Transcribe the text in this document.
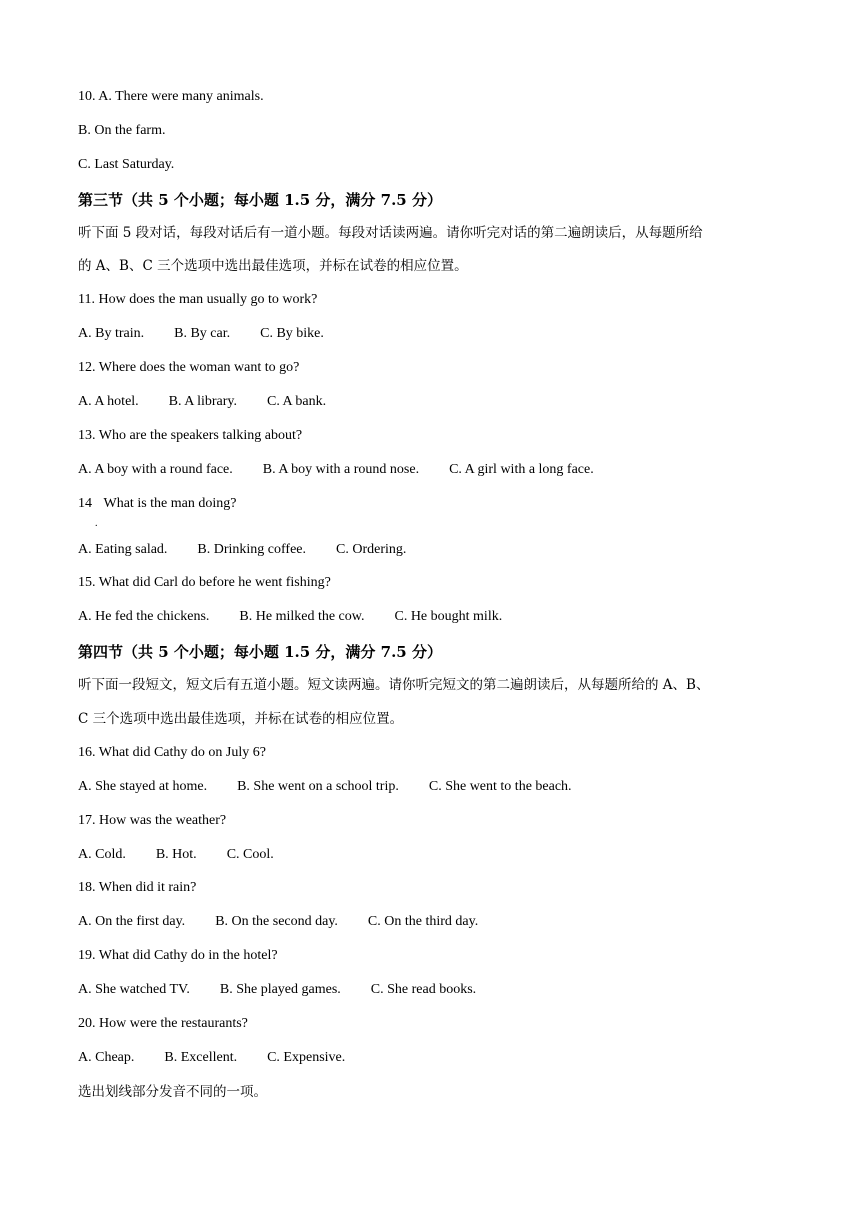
10. A. There were many animals.
B. On the farm.
C. Last Saturday.
第三节（共 5 个小题；每小题 1.5 分，满分 7.5 分）
听下面 5 段对话，每段对话后有一道小题。每段对话读两遍。请你听完对话的第二遍朗读后，从每题所给
的 A、B、C 三个选项中选出最佳选项，并标在试卷的相应位置。
11. How does the man usually go to work?
A. By train. B. By car. C. By bike.
12. Where does the woman want to go?
A. A hotel. B. A library. C. A bank.
13. Who are the speakers talking about?
A. A boy with a round face. B. A boy with a round nose. C. A girl with a long face.
14
.
What is the man doing?
A. Eating salad. B. Drinking coffee. C. Ordering.
15. What did Carl do before he went fishing?
A. He fed the chickens. B. He milked the cow. C. He bought milk.
第四节（共 5 个小题；每小题 1.5 分，满分 7.5 分）
听下面一段短文，短文后有五道小题。短文读两遍。请你听完短文的第二遍朗读后，从每题所给的 A、B、
C 三个选项中选出最佳选项，并标在试卷的相应位置。
16. What did Cathy do on July 6?
A. She stayed at home. B. She went on a school trip. C. She went to the beach.
17. How was the weather?
A. Cold. B. Hot. C. Cool.
18. When did it rain?
A. On the first day. B. On the second day. C. On the third day.
19. What did Cathy do in the hotel?
A. She watched TV. B. She played games. C. She read books.
20. How were the restaurants?
A. Cheap. B. Excellent. C. Expensive.
选出划线部分发音不同的一项。
